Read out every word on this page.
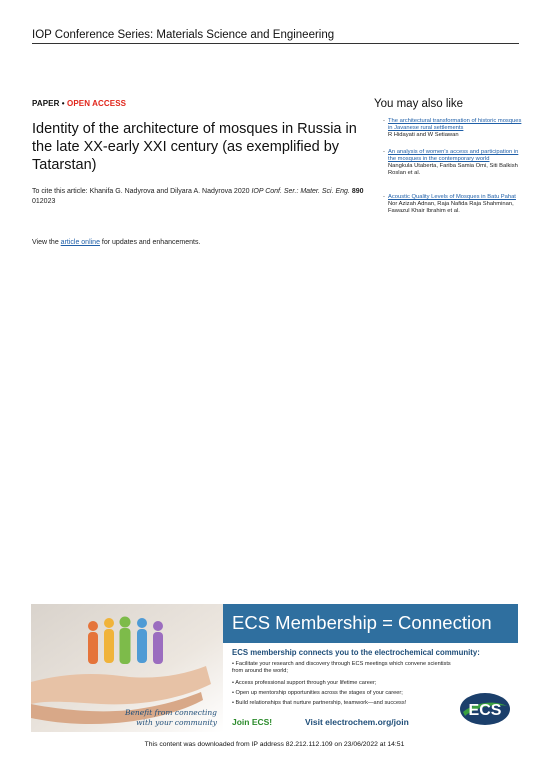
IOP Conference Series: Materials Science and Engineering
PAPER • OPEN ACCESS
Identity of the architecture of mosques in Russia in the late XX-early XXI century (as exemplified by Tatarstan)
To cite this article: Khanifa G. Nadyrova and Dilyara A. Nadyrova 2020 IOP Conf. Ser.: Mater. Sci. Eng. 890 012023
View the article online for updates and enhancements.
You may also like
- The architectural transformation of historic mosques in Javanese rural settlements
R Hidayati and W Setiawan
- An analysis of women's access and participation in the mosques in the contemporary world
Nangkula Utaberta, Fariba Samia Omi, Siti Balkish Roslan et al.
- Acoustic Quality Levels of Mosques in Batu Pahat
Nor Azizah Adnan, Raja Nafida Raja Shahminan, Fawazul Khair Ibrahim et al.
Benefit from connecting
with your community
ECS Membership = Connection
ECS membership connects you to the electrochemical community:
• Facilitate your research and discovery through ECS meetings which convene scientists from around the world;
• Access professional support through your lifetime career;
• Open up mentorship opportunities across the stages of your career;
• Build relationships that nurture partnership, teamwork—and success!
Join ECS!	Visit electrochem.org/join
ECS
This content was downloaded from IP address 82.212.112.109 on 23/06/2022 at 14:51
